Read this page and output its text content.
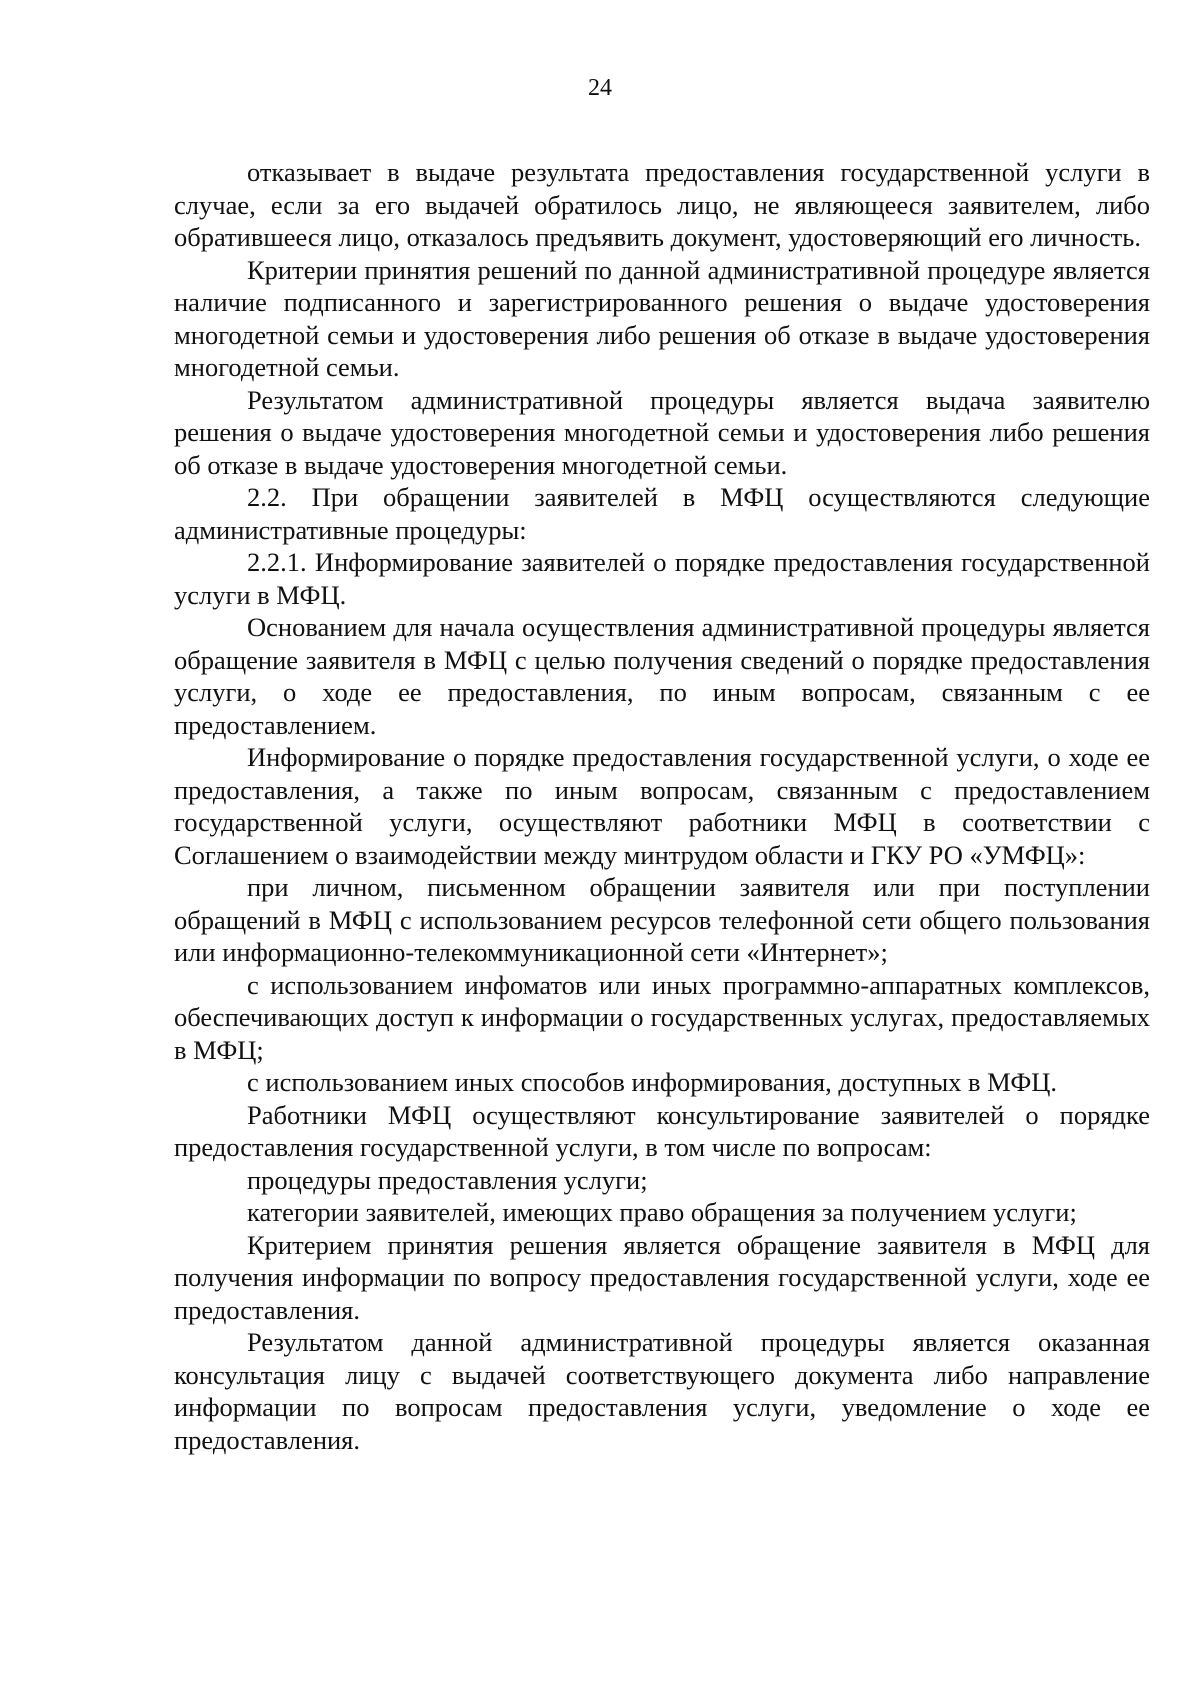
24

отказывает в выдаче результата предоставления государственной услуги в случае, если за его выдачей обратилось лицо, не являющееся заявителем, либо обратившееся лицо, отказалось предъявить документ, удостоверяющий его личность.

Критерии принятия решений по данной административной процедуре является наличие подписанного и зарегистрированного решения о выдаче удостоверения многодетной семьи и удостоверения либо решения об отказе в выдаче удостоверения многодетной семьи.

Результатом административной процедуры является выдача заявителю решения о выдаче удостоверения многодетной семьи и удостоверения либо решения об отказе в выдаче удостоверения многодетной семьи.

2.2. При обращении заявителей в МФЦ осуществляются следующие административные процедуры:

2.2.1. Информирование заявителей о порядке предоставления государственной услуги в МФЦ.

Основанием для начала осуществления административной процедуры является обращение заявителя в МФЦ с целью получения сведений о порядке предоставления услуги, о ходе ее предоставления, по иным вопросам, связанным с ее предоставлением.

Информирование о порядке предоставления государственной услуги, о ходе ее предоставления, а также по иным вопросам, связанным с предоставлением государственной услуги, осуществляют работники МФЦ в соответствии с Соглашением о взаимодействии между минтрудом области и ГКУ РО «УМФЦ»:

при личном, письменном обращении заявителя или при поступлении обращений в МФЦ с использованием ресурсов телефонной сети общего пользования или информационно-телекоммуникационной сети «Интернет»;

с использованием инфоматов или иных программно-аппаратных комплексов, обеспечивающих доступ к информации о государственных услугах, предоставляемых в МФЦ;

с использованием иных способов информирования, доступных в МФЦ.

Работники МФЦ осуществляют консультирование заявителей о порядке предоставления государственной услуги, в том числе по вопросам:

процедуры предоставления услуги;

категории заявителей, имеющих право обращения за получением услуги;

Критерием принятия решения является обращение заявителя в МФЦ для получения информации по вопросу предоставления государственной услуги, ходе ее предоставления.

Результатом данной административной процедуры является оказанная консультация лицу с выдачей соответствующего документа либо направление информации по вопросам предоставления услуги, уведомление о ходе ее предоставления.
